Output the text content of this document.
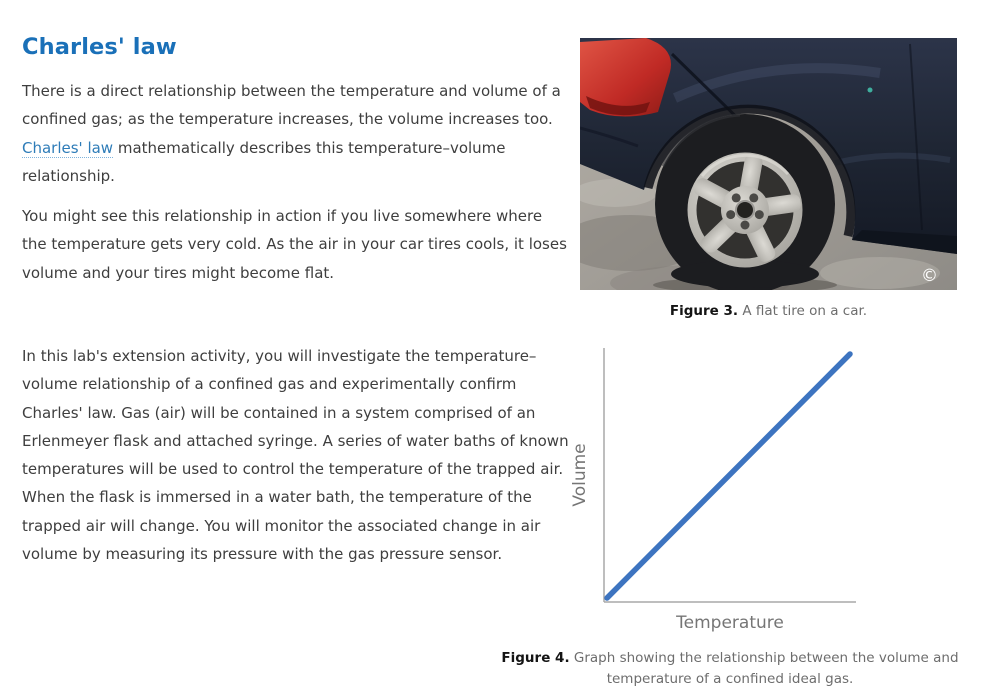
Charles' law

There is a direct relationship between the temperature and volume of a confined gas; as the temperature increases, the volume increases too. Charles' law mathematically describes this temperature–volume relationship.

You might see this relationship in action if you live somewhere where the temperature gets very cold. As the air in your car tires cools, it loses volume and your tires might become flat.

In this lab's extension activity, you will investigate the temperature–volume relationship of a confined gas and experimentally confirm Charles' law. Gas (air) will be contained in a system comprised of an Erlenmeyer flask and attached syringe. A series of water baths of known temperatures will be used to control the temperature of the trapped air. When the flask is immersed in a water bath, the temperature of the trapped air will change. You will monitor the associated change in air volume by measuring its pressure with the gas pressure sensor.

©
Figure 3. A flat tire on a car.
Volume
Temperature
Figure 4. Graph showing the relationship between the volume and temperature of a confined ideal gas.
